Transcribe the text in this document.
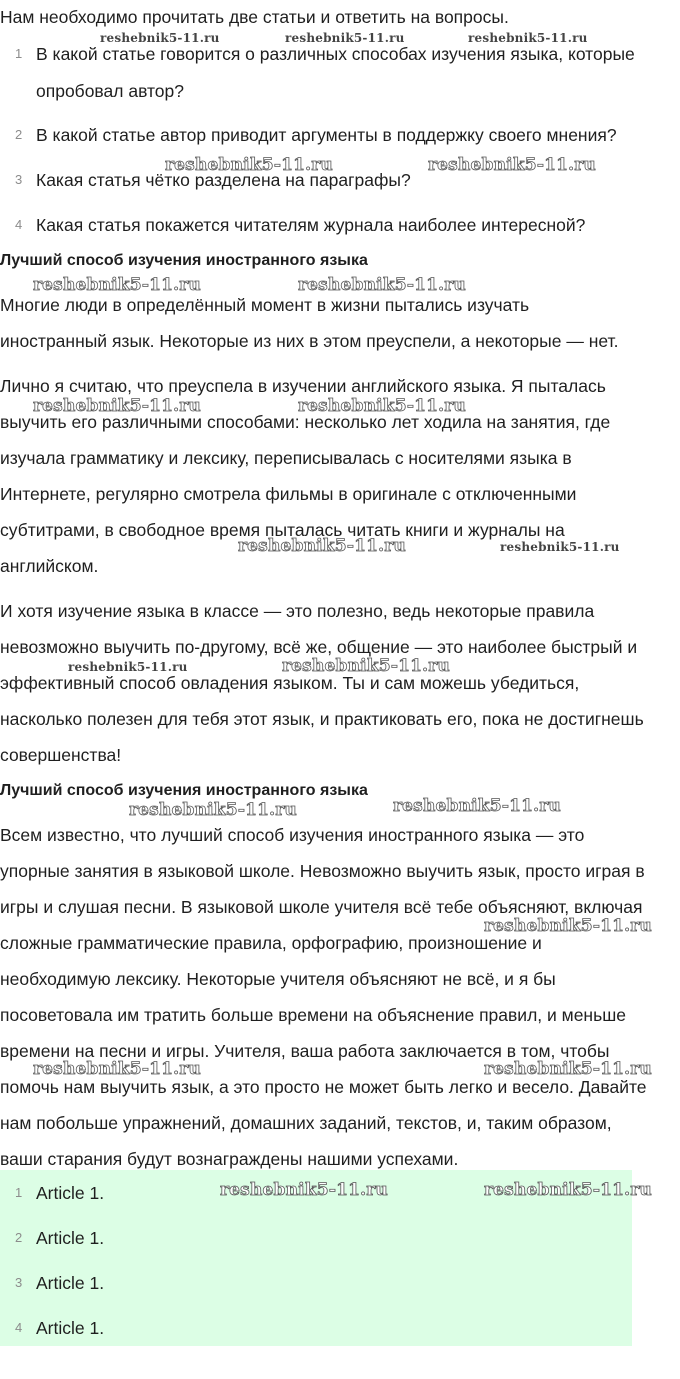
Нам необходимо прочитать две статьи и ответить на вопросы.
1 В какой статье говорится о различных способах изучения языка, которые
опробовал автор?
2 В какой статье автор приводит аргументы в поддержку своего мнения?
3 Какая статья чётко разделена на параграфы?
4 Какая статья покажется читателям журнала наиболее интересной?
Лучший способ изучения иностранного языка
Многие люди в определённый момент в жизни пытались изучать
иностранный язык. Некоторые из них в этом преуспели, а некоторые — нет.
Лично я считаю, что преуспела в изучении английского языка. Я пыталась
выучить его различными способами: несколько лет ходила на занятия, где
изучала грамматику и лексику, переписывалась с носителями языка в
Интернете, регулярно смотрела фильмы в оригинале с отключенными
субтитрами, в свободное время пыталась читать книги и журналы на
английском.
И хотя изучение языка в классе — это полезно, ведь некоторые правила
невозможно выучить по-другому, всё же, общение — это наиболее быстрый и
эффективный способ овладения языком. Ты и сам можешь убедиться,
насколько полезен для тебя этот язык, и практиковать его, пока не достигнешь
совершенства!
Лучший способ изучения иностранного языка
Всем известно, что лучший способ изучения иностранного языка — это
упорные занятия в языковой школе. Невозможно выучить язык, просто играя в
игры и слушая песни. В языковой школе учителя всё тебе объясняют, включая
сложные грамматические правила, орфографию, произношение и
необходимую лексику. Некоторые учителя объясняют не всё, и я бы
посоветовала им тратить больше времени на объяснение правил, и меньше
времени на песни и игры. Учителя, ваша работа заключается в том, чтобы
помочь нам выучить язык, а это просто не может быть легко и весело. Давайте
нам побольше упражнений, домашних заданий, текстов, и, таким образом,
ваши старания будут вознаграждены нашими успехами.
1 Article 1.
2 Article 1.
3 Article 1.
4 Article 1.
reshebnik5-11.ru	reshebnik5-11.ru	reshebnik5-11.ru
reshebnik5-11.ru	reshebnik5-11.ru
reshebnik5-11.ru	reshebnik5-11.ru
reshebnik5-11.ru	reshebnik5-11.ru
reshebnik5-11.ru	reshebnik5-11.ru
reshebnik5-11.ru	reshebnik5-11.ru
reshebnik5-11.ru	reshebnik5-11.ru
reshebnik5-11.ru
reshebnik5-11.ru	reshebnik5-11.ru
reshebnik5-11.ru	reshebnik5-11.ru
